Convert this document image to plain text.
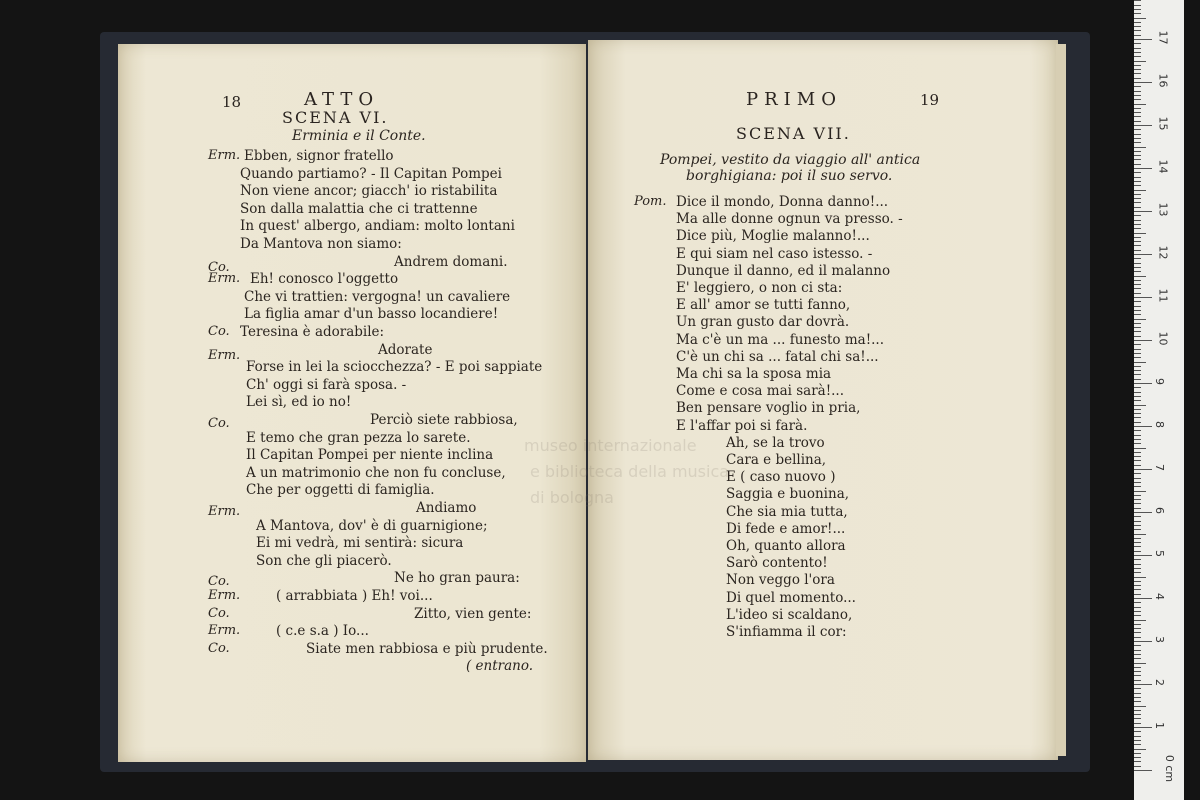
18	ATTO
SCENA VI.
Erminia e il Conte.
PRIMO	19
SCENA VII.
Pompei, vestito da viaggio all' antica
borghigiana: poi il suo servo.
Erm. Ebben, signor fratello
Quando partiamo? - Il Capitan Pompei
Non viene ancor; giacch' io ristabilita
Son dalla malattia che ci trattenne
In quest' albergo, andiam: molto lontani
Da Mantova non siamo:
Co.	Andrem domani.
Erm. Eh! conosco l'oggetto
Che vi trattien: vergogna! un cavaliere
La figlia amar d'un basso locandiere!
Co. Teresina è adorabile:
Erm.	Adorate
Forse in lei la sciocchezza? - E poi sappiate
Ch' oggi si farà sposa. -
Lei sì, ed io no!
Co.	Perciò siete rabbiosa,
E temo che gran pezza lo sarete.
Il Capitan Pompei per niente inclina
A un matrimonio che non fu concluse,
Che per oggetti di famiglia.
Erm.	Andiamo
A Mantova, dov' è di guarnigione;
Ei mi vedrà, mi sentirà: sicura
Son che gli piacerò.
Co.	Ne ho gran paura:
Erm.	( arrabbiata ) Eh! voi...
Co.	Zitto, vien gente:
Erm.	( c.e s.a ) Io...
Co.	Siate men rabbiosa e più prudente.
( entrano.
Pom. Dice il mondo, Donna danno!...
Ma alle donne ognun va presso. -
Dice più, Moglie malanno!...
E qui siam nel caso istesso. -
Dunque il danno, ed il malanno
E' leggiero, o non ci sta:
E all' amor se tutti fanno,
Un gran gusto dar dovrà.
Ma c'è un ma ... funesto ma!...
C'è un chi sa ... fatal chi sa!...
Ma chi sa la sposa mia
Come e cosa mai sarà!...
Ben pensare voglio in pria,
E l'affar poi si farà.
Ah, se la trovo
Cara e bellina,
E ( caso nuovo )
Saggia e buonina,
Che sia mia tutta,
Di fede e amor!...
Oh, quanto allora
Sarò contento!
Non veggo l'ora
Di quel momento...
L'ideo si scaldano,
S'infiamma il cor:
museo internazionale
e biblioteca della musica
di bologna
0 cm
1
2
3
4
5
6
7
8
9
10
11
12
13
14
15
16
17
